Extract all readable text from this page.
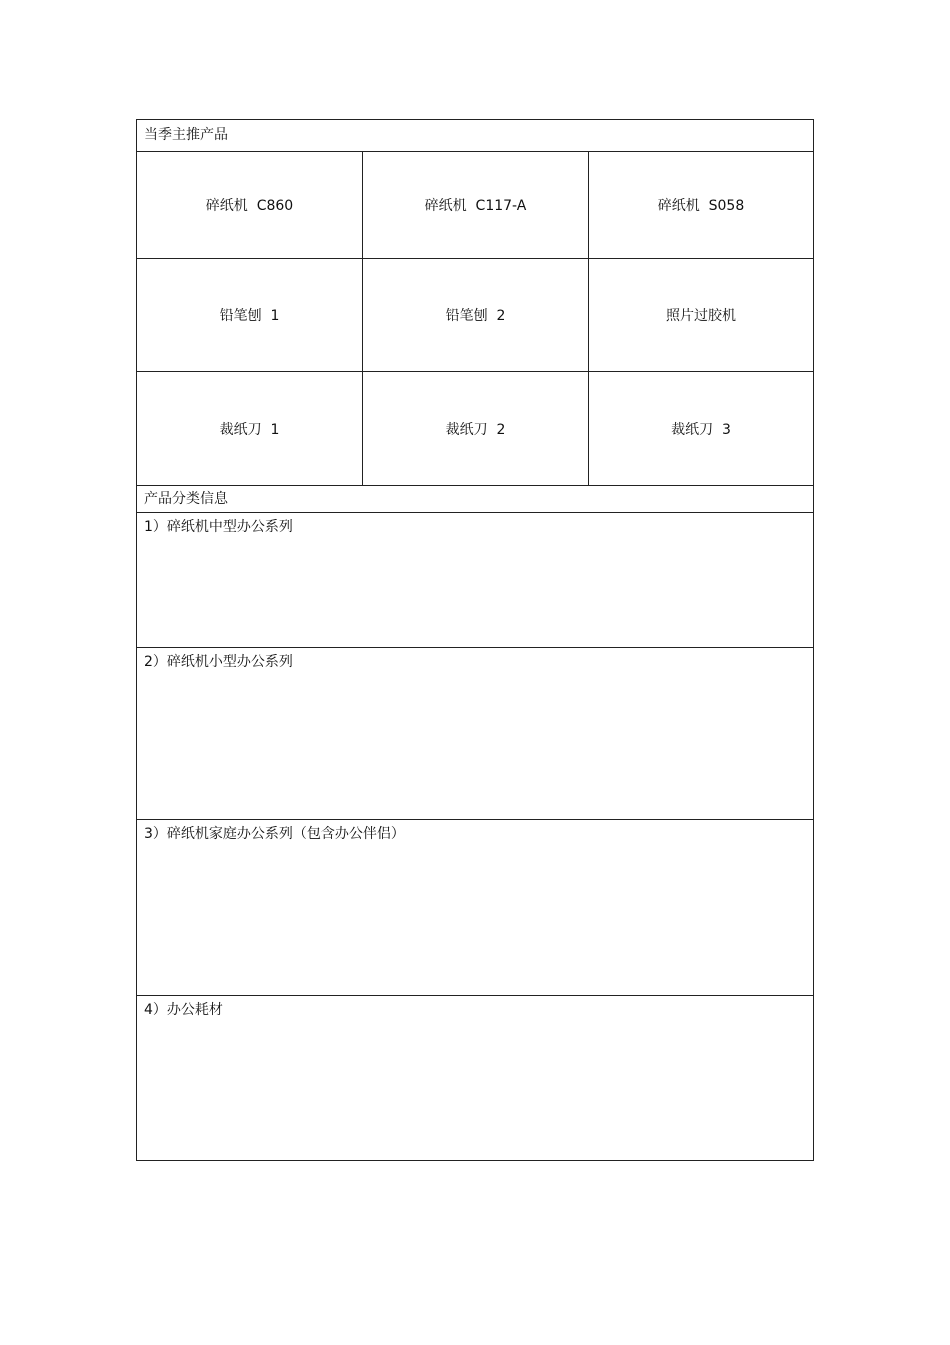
当季主推产品
碎纸机  C860	碎纸机  C117-A	碎纸机  S058
铅笔刨  1	铅笔刨  2	照片过胶机
裁纸刀  1	裁纸刀  2	裁纸刀  3
产品分类信息
1）碎纸机中型办公系列
2）碎纸机小型办公系列
3）碎纸机家庭办公系列（包含办公伴侣）
4）办公耗材
